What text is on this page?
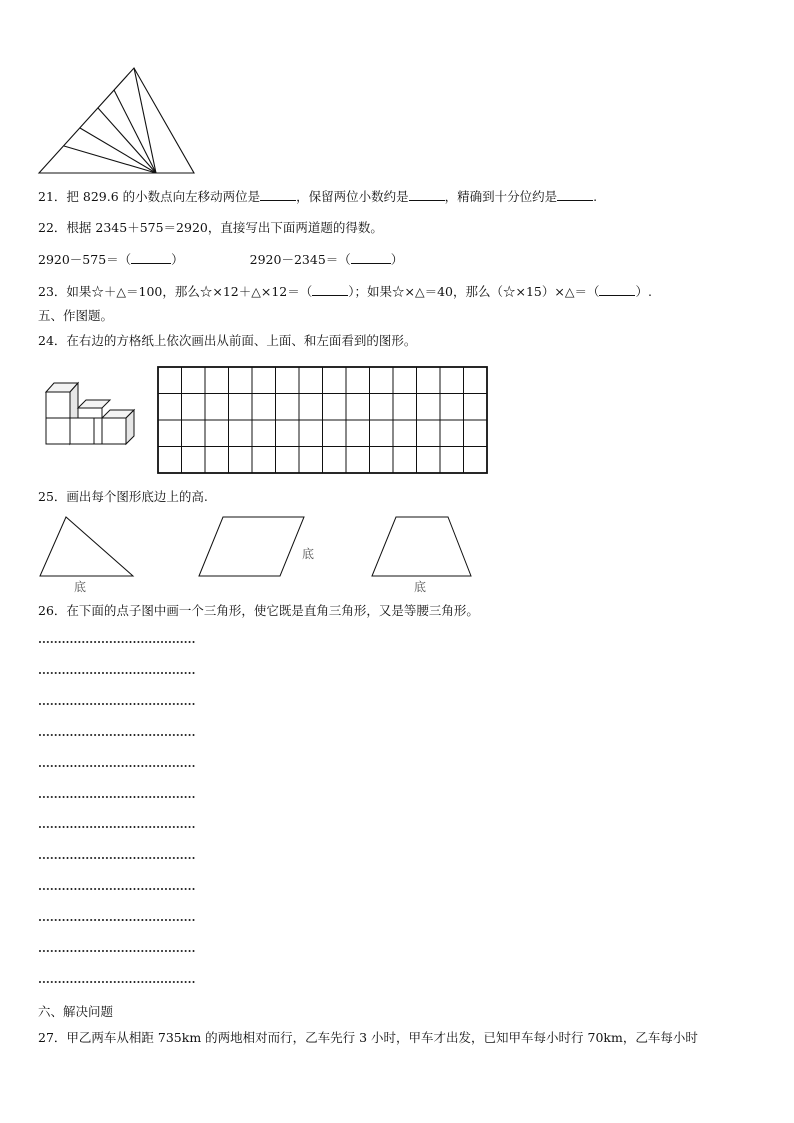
21．把 829.6 的小数点向左移动两位是	，保留两位小数约是	，精确到十分位约是	.
22．根据 2345＋575＝2920，直接写出下面两道题的得数。
2920－575＝（	）	2920－2345＝（	）
23．如果☆＋△＝100，那么☆×12＋△×12＝（	）；如果☆×△＝40，那么（☆×15）×△＝（	）.
五、作图题。
24．在右边的方格纸上依次画出从前面、上面、和左面看到的图形。
25．画出每个图形底边上的高.
底
底
底
26．在下面的点子图中画一个三角形，使它既是直角三角形，又是等腰三角形。
六、解决问题
27．甲乙两车从相距 735km 的两地相对而行，乙车先行 3 小时，甲车才出发，已知甲车每小时行 70km，乙车每小时
